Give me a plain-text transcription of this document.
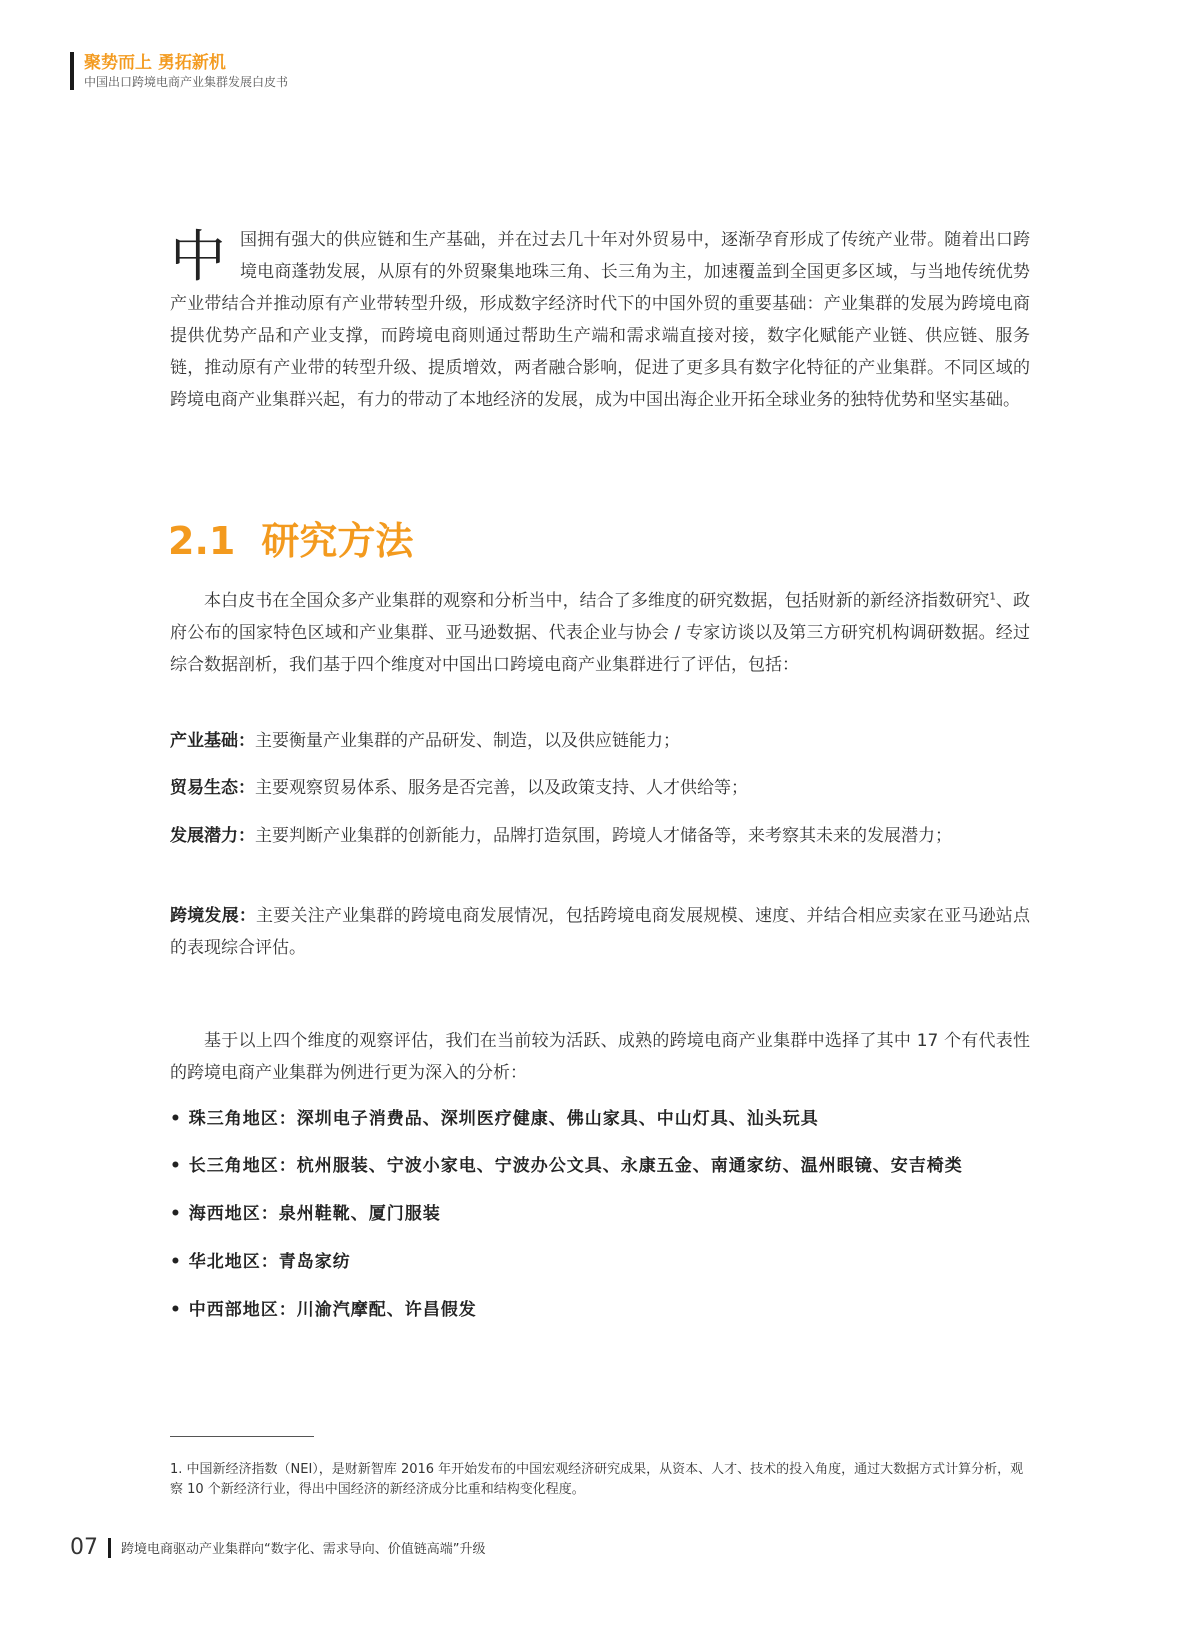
聚势而上 勇拓新机
中国出口跨境电商产业集群发展白皮书
中 国拥有强大的供应链和生产基础，并在过去几十年对外贸易中，逐渐孕育形成了传统产业带。随着出口跨境电商蓬勃发展，从原有的外贸聚集地珠三角、长三角为主，加速覆盖到全国更多区域，与当地传统优势产业带结合并推动原有产业带转型升级，形成数字经济时代下的中国外贸的重要基础：产业集群的发展为跨境电商提供优势产品和产业支撑，而跨境电商则通过帮助生产端和需求端直接对接，数字化赋能产业链、供应链、服务链，推动原有产业带的转型升级、提质增效，两者融合影响，促进了更多具有数字化特征的产业集群。不同区域的跨境电商产业集群兴起，有力的带动了本地经济的发展，成为中国出海企业开拓全球业务的独特优势和坚实基础。
2.1 研究方法
本白皮书在全国众多产业集群的观察和分析当中，结合了多维度的研究数据，包括财新的新经济指数研究$^1$、政府公布的国家特色区域和产业集群、亚马逊数据、代表企业与协会 / 专家访谈以及第三方研究机构调研数据。经过综合数据剖析，我们基于四个维度对中国出口跨境电商产业集群进行了评估，包括：
产业基础：主要衡量产业集群的产品研发、制造，以及供应链能力；
贸易生态：主要观察贸易体系、服务是否完善，以及政策支持、人才供给等；
发展潜力：主要判断产业集群的创新能力，品牌打造氛围，跨境人才储备等，来考察其未来的发展潜力；
跨境发展：主要关注产业集群的跨境电商发展情况，包括跨境电商发展规模、速度、并结合相应卖家在亚马逊站点的表现综合评估。
基于以上四个维度的观察评估，我们在当前较为活跃、成熟的跨境电商产业集群中选择了其中 17 个有代表性的跨境电商产业集群为例进行更为深入的分析：
• 珠三角地区：深圳电子消费品、深圳医疗健康、佛山家具、中山灯具、汕头玩具
• 长三角地区：杭州服装、宁波小家电、宁波办公文具、永康五金、南通家纺、温州眼镜、安吉椅类
• 海西地区：泉州鞋靴、厦门服装
• 华北地区：青岛家纺
• 中西部地区：川渝汽摩配、许昌假发
1. 中国新经济指数（NEI），是财新智库 2016 年开始发布的中国宏观经济研究成果，从资本、人才、技术的投入角度，通过大数据方式计算分析，观察 10 个新经济行业，得出中国经济的新经济成分比重和结构变化程度。
07 跨境电商驱动产业集群向“数字化、需求导向、价值链高端”升级
